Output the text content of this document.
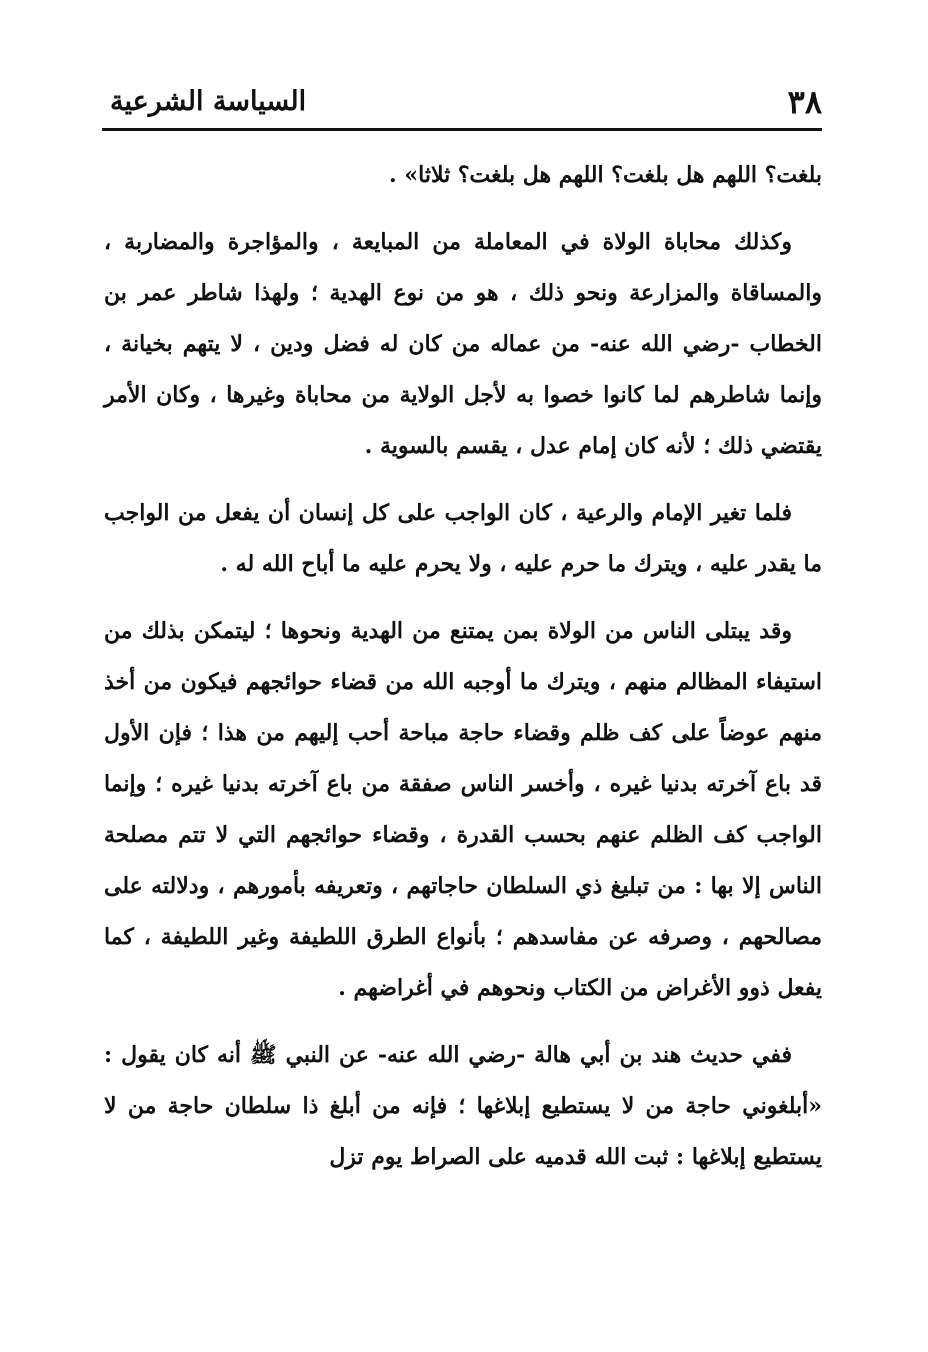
٣٨
السياسة الشرعية

بلغت؟ اللهم هل بلغت؟ اللهم هل بلغت؟ ثلاثا» .

وكذلك محاباة الولاة في المعاملة من المبايعة ، والمؤاجرة والمضاربة ، والمساقاة والمزارعة ونحو ذلك ، هو من نوع الهدية ؛ ولهذا شاطر عمر بن الخطاب -رضي الله عنه- من عماله من كان له فضل ودين ، لا يتهم بخيانة ، وإنما شاطرهم لما كانوا خصوا به لأجل الولاية من محاباة وغيرها ، وكان الأمر يقتضي ذلك ؛ لأنه كان إمام عدل ، يقسم بالسوية .

فلما تغير الإمام والرعية ، كان الواجب على كل إنسان أن يفعل من الواجب ما يقدر عليه ، ويترك ما حرم عليه ، ولا يحرم عليه ما أباح الله له .

وقد يبتلى الناس من الولاة بمن يمتنع من الهدية ونحوها ؛ ليتمكن بذلك من استيفاء المظالم منهم ، ويترك ما أوجبه الله من قضاء حوائجهم فيكون من أخذ منهم عوضاً على كف ظلم وقضاء حاجة مباحة أحب إليهم من هذا ؛ فإن الأول قد باع آخرته بدنيا غيره ، وأخسر الناس صفقة من باع آخرته بدنيا غيره ؛ وإنما الواجب كف الظلم عنهم بحسب القدرة ، وقضاء حوائجهم التي لا تتم مصلحة الناس إلا بها : من تبليغ ذي السلطان حاجاتهم ، وتعريفه بأمورهم ، ودلالته على مصالحهم ، وصرفه عن مفاسدهم ؛ بأنواع الطرق اللطيفة وغير اللطيفة ، كما يفعل ذوو الأغراض من الكتاب ونحوهم في أغراضهم .

ففي حديث هند بن أبي هالة -رضي الله عنه- عن النبي ﷺ أنه كان يقول : «أبلغوني حاجة من لا يستطيع إبلاغها ؛ فإنه من أبلغ ذا سلطان حاجة من لا يستطيع إبلاغها : ثبت الله قدميه على الصراط يوم تزل
